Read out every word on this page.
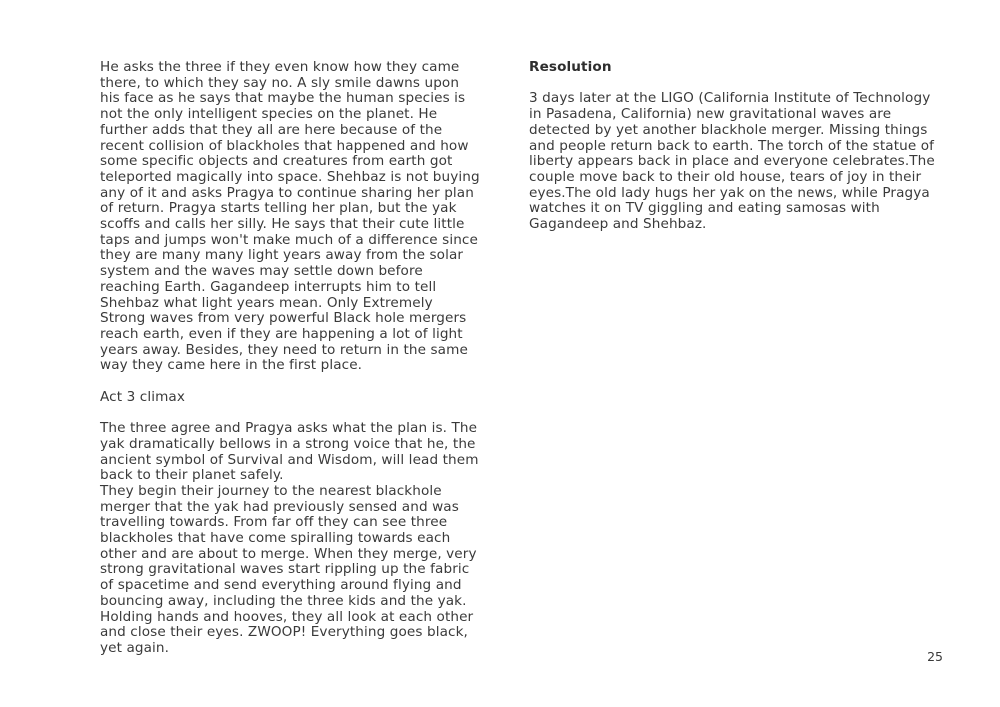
He asks the three if they even know how they came there, to which they say no. A sly smile dawns upon his face as he says that maybe the human species is not the only intelligent species on the planet. He further adds that they all are here because of the recent collision of blackholes that happened and how some specific objects and creatures from earth got teleported magically into space. Shehbaz is not buying any of it and asks Pragya to continue sharing her plan of return. Pragya starts telling her plan, but the yak scoffs and calls her silly. He says that their cute little taps and jumps won't make much of a difference since they are many many light years away from the solar system and the waves may settle down before reaching Earth. Gagandeep interrupts him to tell Shehbaz what light years mean. Only Extremely Strong waves from very powerful Black hole mergers reach earth, even if they are happening a lot of light years away. Besides, they need to return in the same way they came here in the first place.

Act 3 climax

The three agree and Pragya asks what the plan is. The yak dramatically bellows in a strong voice that he, the ancient symbol of Survival and Wisdom, will lead them back to their planet safely.

They begin their journey to the nearest blackhole merger that the yak had previously sensed and was travelling towards. From far off they can see three blackholes that have come spiralling towards each other and are about to merge. When they merge, very strong gravitational waves start rippling up the fabric of spacetime and send everything around flying and bouncing away, including the three kids and the yak. Holding hands and hooves, they all look at each other and close their eyes. ZWOOP! Everything goes black, yet again.

Resolution

3 days later at the LIGO (California Institute of Technology in Pasadena, California) new gravitational waves are detected by yet another blackhole merger. Missing things and people return back to earth. The torch of the statue of liberty appears back in place and everyone celebrates.The couple move back to their old house, tears of joy in their eyes.The old lady hugs her yak on the news, while Pragya watches it on TV giggling and eating samosas with Gagandeep and Shehbaz.

25
